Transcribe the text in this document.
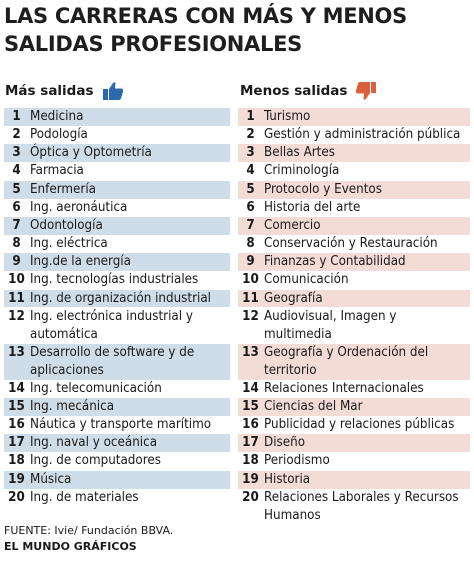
LAS CARRERAS CON MÁS Y MENOS SALIDAS PROFESIONALES
Más salidas	Menos salidas
1 Medicina
2 Podología
3 Óptica y Optometría
4 Farmacia
5 Enfermería
6 Ing. aeronáutica
7 Odontología
8 Ing. eléctrica
9 Ing.de la energía
10 Ing. tecnologías industriales
11 Ing. de organización industrial
12 Ing. electrónica industrial y automática
13 Desarrollo de software y de aplicaciones
14 Ing. telecomunicación
15 Ing. mecánica
16 Náutica y transporte marítimo
17 Ing. naval y oceánica
18 Ing. de computadores
19 Música
20 Ing. de materiales
1 Turismo
2 Gestión y administración pública
3 Bellas Artes
4 Criminología
5 Protocolo y Eventos
6 Historia del arte
7 Comercio
8 Conservación y Restauración
9 Finanzas y Contabilidad
10 Comunicación
11 Geografía
12 Audiovisual, Imagen y multimedia
13 Geografía y Ordenación del territorio
14 Relaciones Internacionales
15 Ciencias del Mar
16 Publicidad y relaciones públicas
17 Diseño
18 Periodismo
19 Historia
20 Relaciones Laborales y Recursos Humanos
FUENTE: Ivie/ Fundación BBVA.
EL MUNDO GRÁFICOS
